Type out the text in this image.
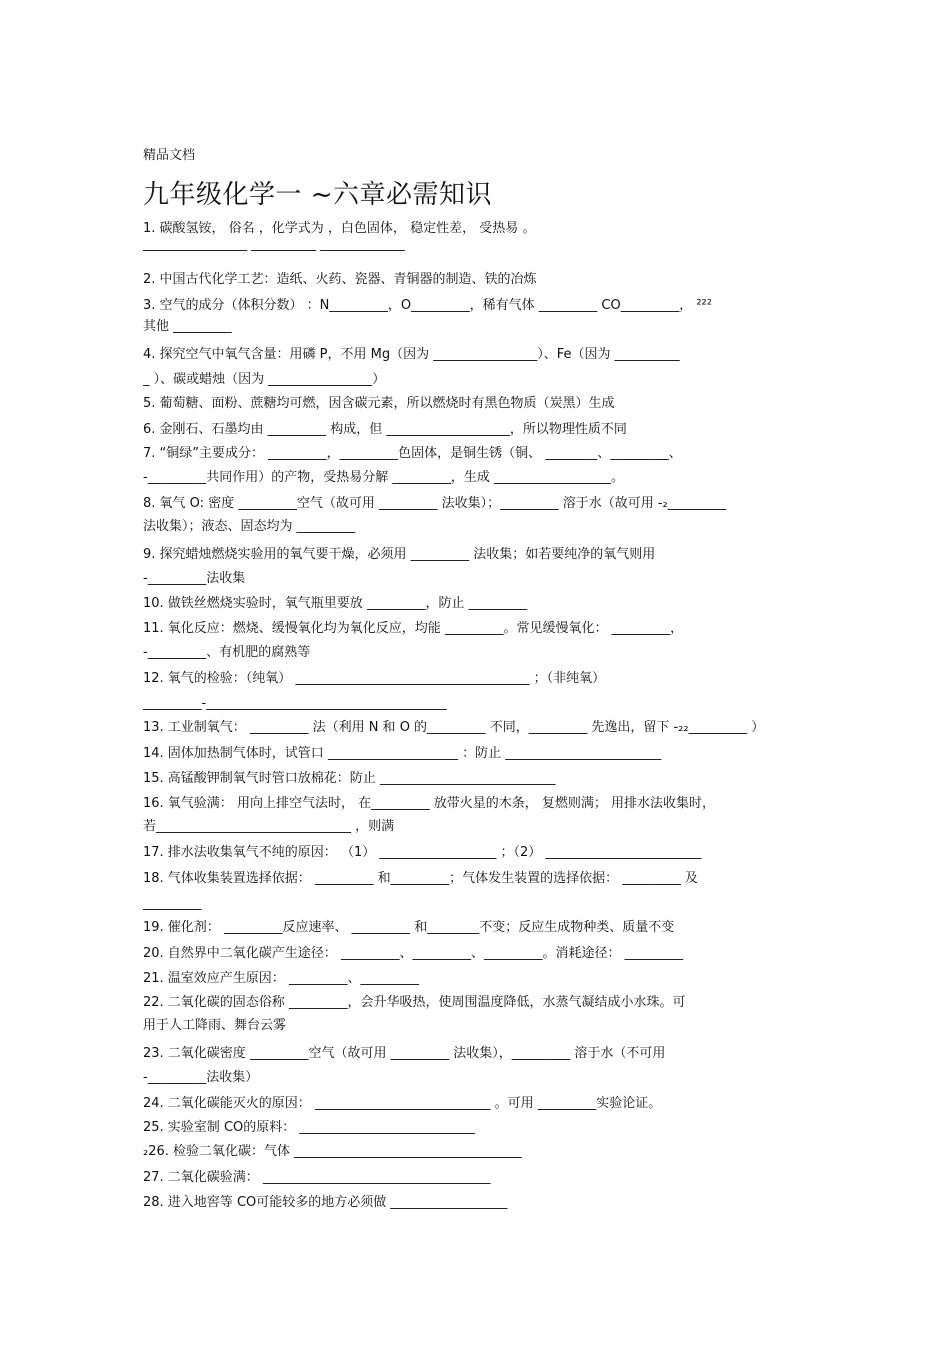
精品文档
九年级化学一 ~六章必需知识
1. 碳酸氢铵， 俗名 ，化学式为 ，白色固体， 稳定性差， 受热易 。
________________ __________ _____________
2. 中国古代化学工艺：造纸、火药、瓷器、青铜器的制造、铁的冶炼
3. 空气的成分（体积分数） ：N_________，O_________，稀有气体 _________ CO_________， ²²²
其他 _________
4. 探究空气中氧气含量：用磷 P，不用 Mg（因为 ________________）、Fe（因为 __________
_ ）、碳或蜡烛（因为 ________________）
5. 葡萄糖、面粉、蔗糖均可燃，因含碳元素，所以燃烧时有黑色物质（炭黑）生成
6. 金刚石、石墨均由 _________ 构成，但 ___________________，所以物理性质不同
7. “铜绿”主要成分： _________，_________色固体，是铜生锈（铜、 ________、_________、
-_________共同作用）的产物，受热易分解 _________，生成 __________________。
8. 氧气 O: 密度 _________空气（故可用 _________ 法收集）；_________ 溶于水（故可用 -₂_________
法收集）；液态、固态均为 _________
9. 探究蜡烛燃烧实验用的氧气要干燥，必须用 _________ 法收集；如若要纯净的氧气则用
-_________法收集
10. 做铁丝燃烧实验时，氧气瓶里要放 _________，防止 _________
11. 氧化反应：燃烧、缓慢氧化均为氧化反应，均能 _________。常见缓慢氧化： _________，
-_________、有机肥的腐熟等
12. 氧气的检验：（纯氧） ____________________________________ ；（非纯氧）
_________-_____________________________________
13. 工业制氧气： _________ 法（利用 N 和 O 的_________ 不同，_________ 先逸出，留下 -₂₂_________ ）
14. 固体加热制气体时，试管口 ____________________ ：防止 ________________________
15. 高锰酸钾制氧气时管口放棉花：防止 ___________________________
16. 氧气验满： 用向上排空气法时， 在_________ 放带火星的木条， 复燃则满； 用排水法收集时，
若______________________________ ，则满
17. 排水法收集氧气不纯的原因： （1） __________________ ；（2） ________________________
18. 气体收集装置选择依据： _________ 和_________；气体发生装置的选择依据： _________ 及
_________
19. 催化剂： _________反应速率、 _________ 和________不变；反应生成物种类、质量不变
20. 自然界中二氧化碳产生途径： _________、_________、_________。消耗途径： _________
21. 温室效应产生原因： _________、_________
22. 二氧化碳的固态俗称 _________，会升华吸热，使周围温度降低，水蒸气凝结成小水珠。可
用于人工降雨、舞台云雾
23. 二氧化碳密度 _________空气（故可用 _________ 法收集），_________ 溶于水（不可用
-_________法收集）
24. 二氧化碳能灭火的原因： ___________________________ 。可用 _________实验论证。
25. 实验室制 CO的原料： ___________________________
₂26. 检验二氧化碳：气体 ___________________________________
27. 二氧化碳验满： ___________________________________
28. 进入地窖等 CO可能较多的地方必须做 __________________
